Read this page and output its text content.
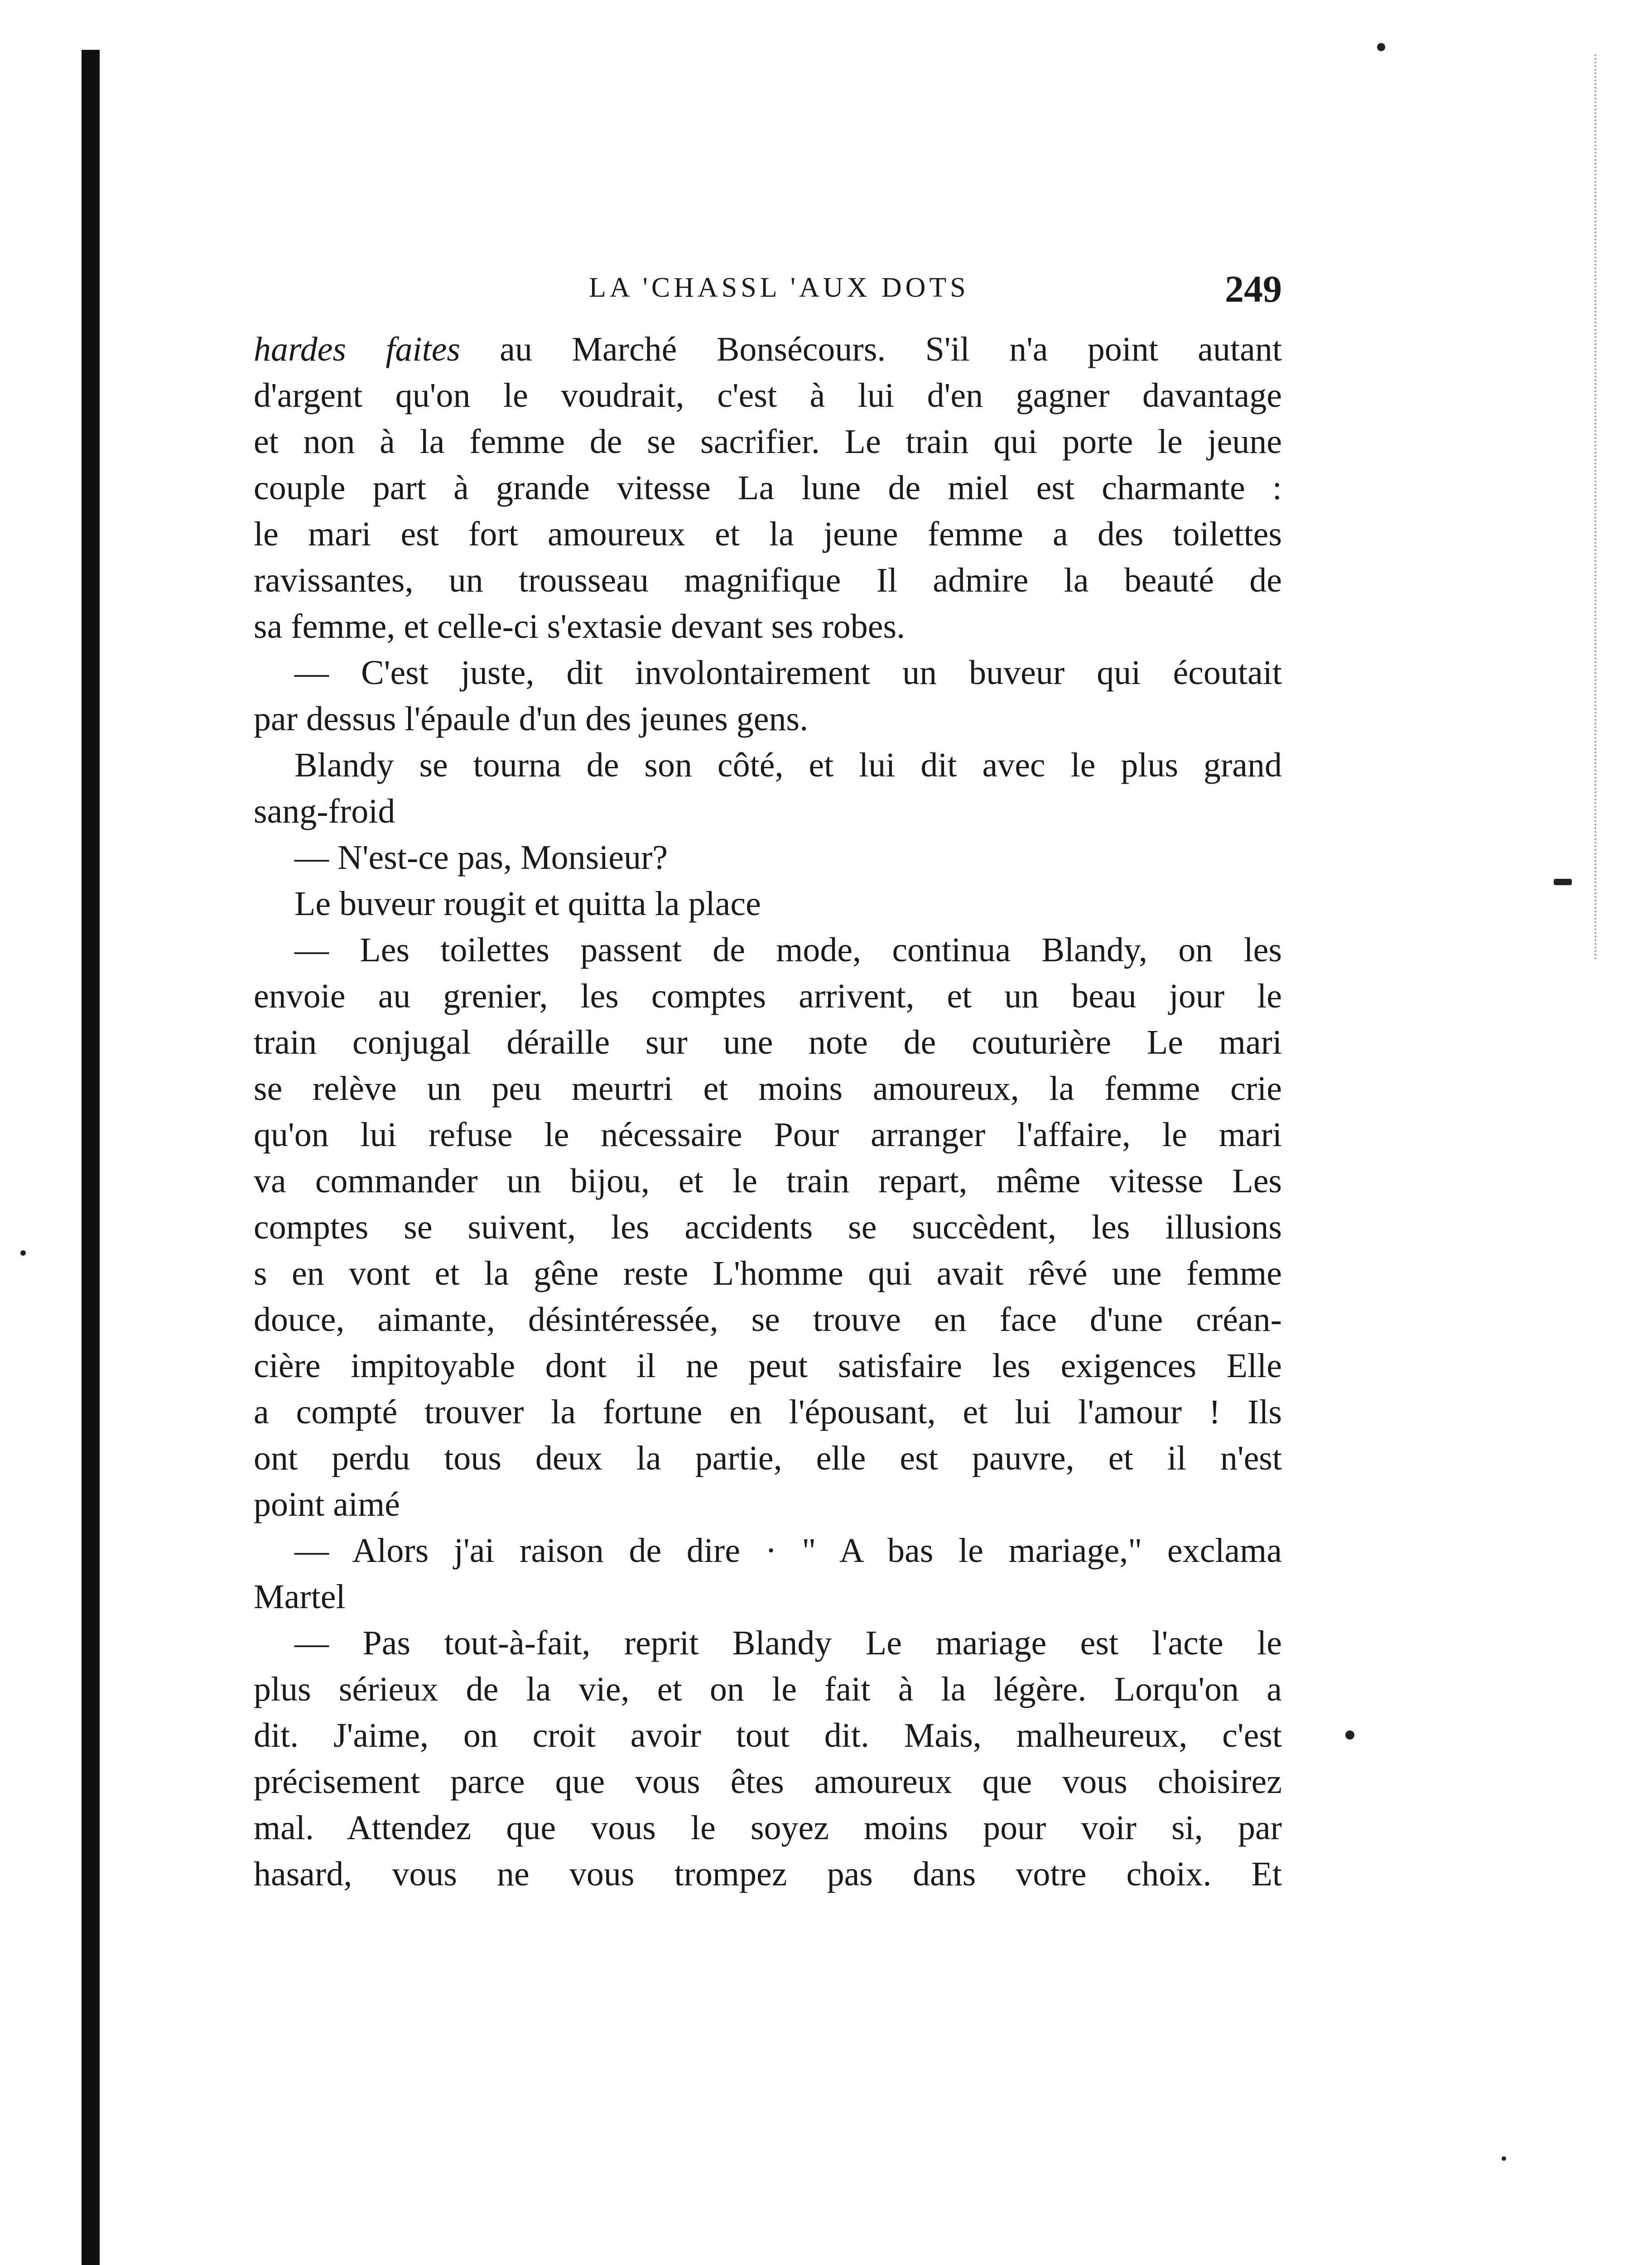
LA 'CHASSL 'AUX DOTS	249
hardes faites au Marché Bonsécours. S'il n'a point autant
d'argent qu'on le voudrait, c'est à lui d'en gagner davantage
et non à la femme de se sacrifier. Le train qui porte le jeune
couple part à grande vitesse La lune de miel est charmante :
le mari est fort amoureux et la jeune femme a des toilettes
ravissantes, un trousseau magnifique Il admire la beauté de
sa femme, et celle-ci s'extasie devant ses robes.
— C'est juste, dit involontairement un buveur qui écoutait
par dessus l'épaule d'un des jeunes gens.
Blandy se tourna de son côté, et lui dit avec le plus grand
sang-froid
— N'est-ce pas, Monsieur?
Le buveur rougit et quitta la place
— Les toilettes passent de mode, continua Blandy, on les
envoie au grenier, les comptes arrivent, et un beau jour le
train conjugal déraille sur une note de couturière Le mari
se relève un peu meurtri et moins amoureux, la femme crie
qu'on lui refuse le nécessaire Pour arranger l'affaire, le mari
va commander un bijou, et le train repart, même vitesse Les
comptes se suivent, les accidents se succèdent, les illusions
s en vont et la gêne reste L'homme qui avait rêvé une femme
douce, aimante, désintéressée, se trouve en face d'une créan-
cière impitoyable dont il ne peut satisfaire les exigences Elle
a compté trouver la fortune en l'épousant, et lui l'amour ! Ils
ont perdu tous deux la partie, elle est pauvre, et il n'est
point aimé
— Alors j'ai raison de dire · " A bas le mariage," exclama
Martel
— Pas tout-à-fait, reprit Blandy Le mariage est l'acte le
plus sérieux de la vie, et on le fait à la légère. Lorqu'on a
dit. J'aime, on croit avoir tout dit. Mais, malheureux, c'est
précisement parce que vous êtes amoureux que vous choisirez
mal. Attendez que vous le soyez moins pour voir si, par
hasard, vous ne vous trompez pas dans votre choix. Et
